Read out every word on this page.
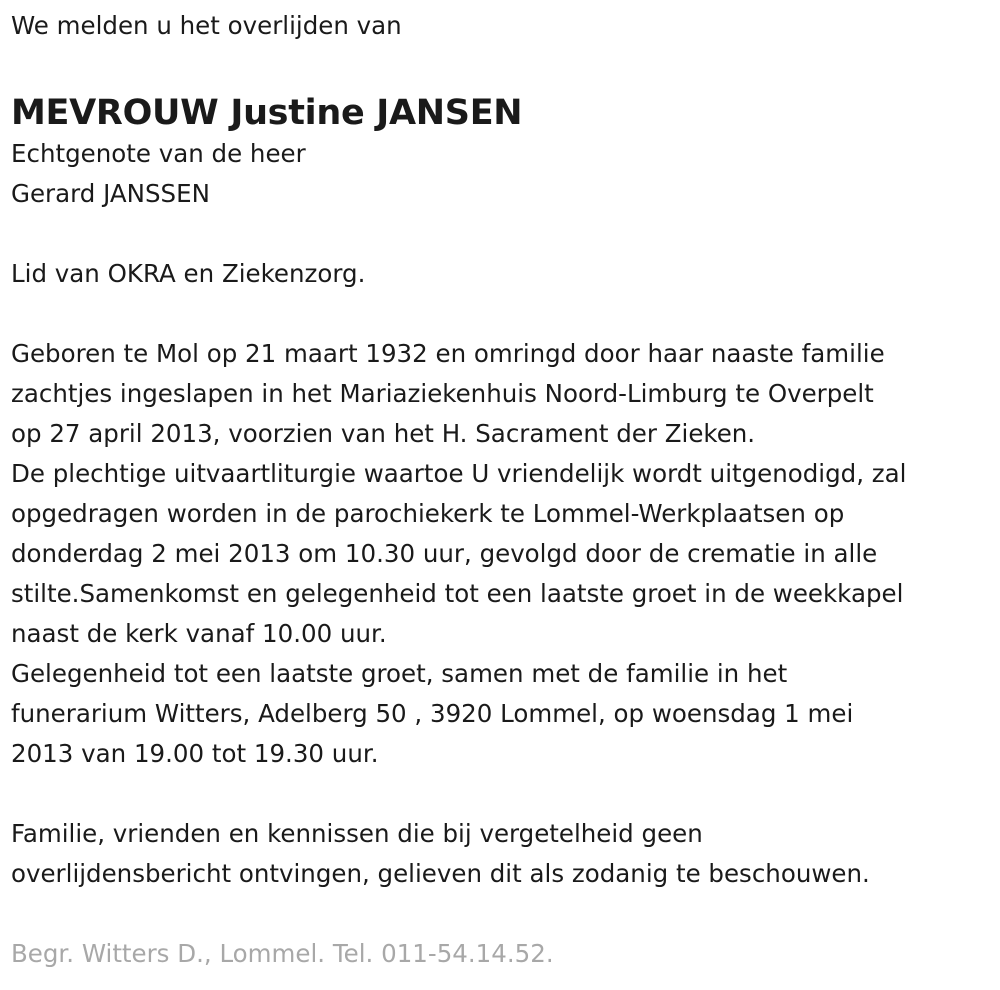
We melden u het overlijden van
MEVROUW Justine JANSEN
Echtgenote van de heer
Gerard JANSSEN
Lid van OKRA en Ziekenzorg.
Geboren te Mol op 21 maart 1932 en omringd door haar naaste familie
zachtjes ingeslapen in het Mariaziekenhuis Noord-Limburg te Overpelt
op 27 april 2013, voorzien van het H. Sacrament der Zieken.
De plechtige uitvaartliturgie waartoe U vriendelijk wordt uitgenodigd, zal
opgedragen worden in de parochiekerk te Lommel-Werkplaatsen op
donderdag 2 mei 2013 om 10.30 uur, gevolgd door de crematie in alle
stilte.Samenkomst en gelegenheid tot een laatste groet in de weekkapel
naast de kerk vanaf 10.00 uur.
Gelegenheid tot een laatste groet, samen met de familie in het
funerarium Witters, Adelberg 50 , 3920 Lommel, op woensdag 1 mei
2013 van 19.00 tot 19.30 uur.
Familie, vrienden en kennissen die bij vergetelheid geen
overlijdensbericht ontvingen, gelieven dit als zodanig te beschouwen.
Begr. Witters D., Lommel. Tel. 011-54.14.52.
